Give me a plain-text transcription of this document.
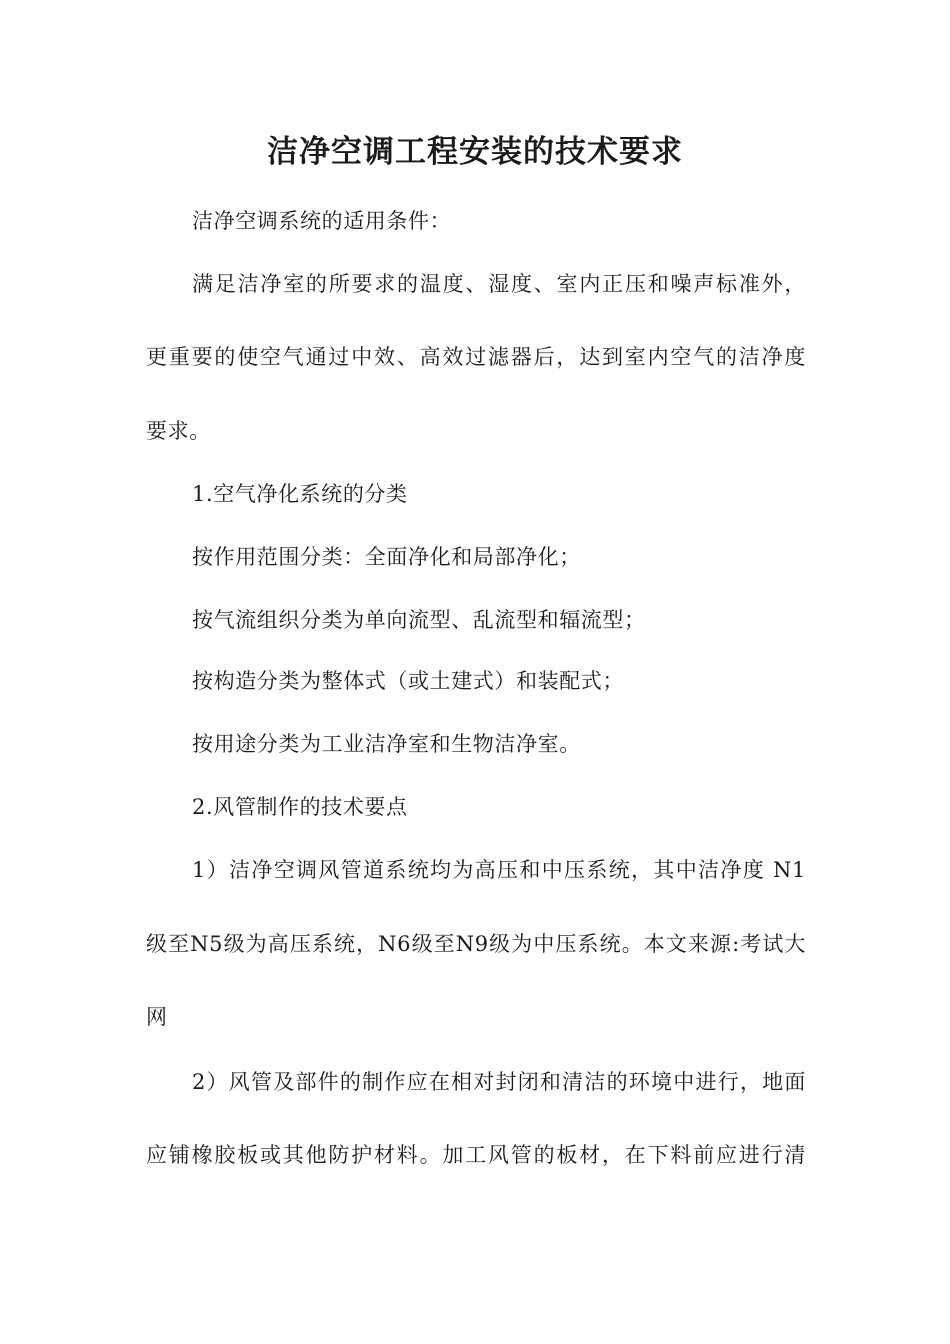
洁净空调工程安装的技术要求
洁净空调系统的适用条件：
满足洁净室的所要求的温度、湿度、室内正压和噪声标准外，
更重要的使空气通过中效、高效过滤器后，达到室内空气的洁净度
要求。
1.空气净化系统的分类
按作用范围分类：全面净化和局部净化；
按气流组织分类为单向流型、乱流型和辐流型；
按构造分类为整体式（或土建式）和装配式；
按用途分类为工业洁净室和生物洁净室。
2.风管制作的技术要点
1）洁净空调风管道系统均为高压和中压系统，其中洁净度 N1
级至N5级为高压系统，N6级至N9级为中压系统。本文来源:考试大
网
2）风管及部件的制作应在相对封闭和清洁的环境中进行，地面
应铺橡胶板或其他防护材料。加工风管的板材，在下料前应进行清
